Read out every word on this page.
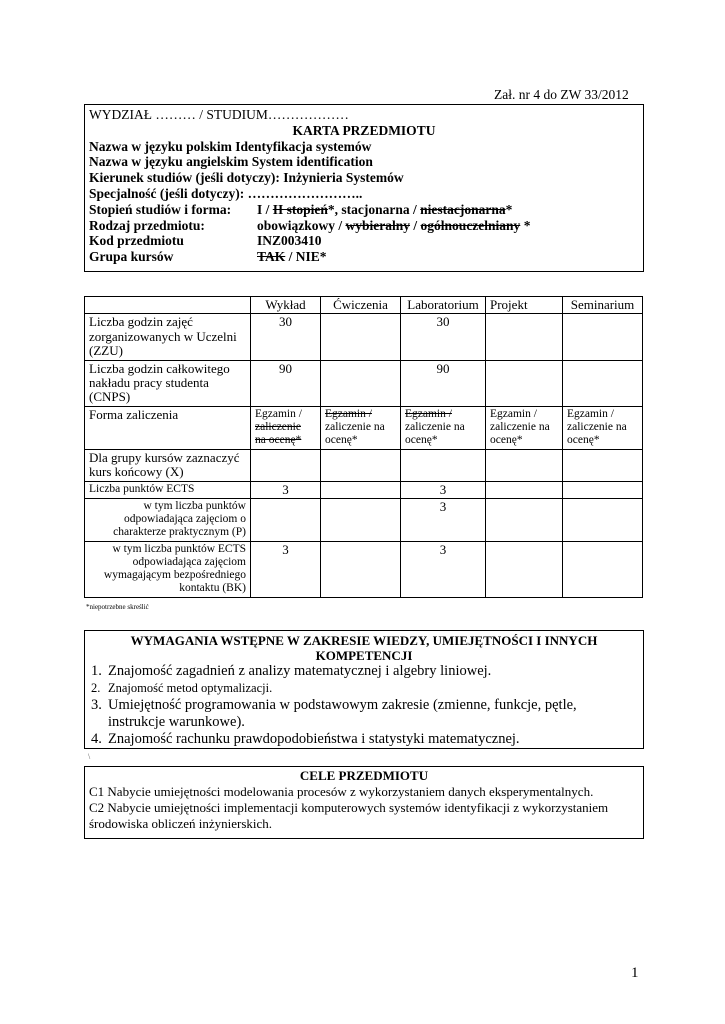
Zał. nr 4 do ZW 33/2012
WYDZIAŁ ……… / STUDIUM………………
KARTA PRZEDMIOTU
Nazwa w języku polskim Identyfikacja systemów
Nazwa w języku angielskim System identification
Kierunek studiów (jeśli dotyczy): Inżynieria Systemów
Specjalność (jeśli dotyczy): ……………………..
Stopień studiów i forma: I / II stopień*, stacjonarna / niestacjonarna*
Rodzaj przedmiotu:	obowiązkowy / wybieralny / ogólnouczelniany *
Kod przedmiotu	INZ003410
Grupa kursów	TAK / NIE*
	Wykład	Ćwiczenia	Laboratorium	Projekt	Seminarium
Liczba godzin zajęć zorganizowanych w Uczelni (ZZU)	30		30		
Liczba godzin całkowitego nakładu pracy studenta (CNPS)	90		90		
Forma zaliczenia	Egzamin /
zaliczenie
na ocenę*	Egzamin /
zaliczenie na
ocenę*	Egzamin /
zaliczenie na
ocenę*	Egzamin /
zaliczenie na
ocenę*	Egzamin /
zaliczenie na
ocenę*
Dla grupy kursów zaznaczyć kurs końcowy (X)					
Liczba punktów ECTS	3		3		
w tym liczba punktów odpowiadająca zajęciom o charakterze praktycznym (P)			3		
w tym liczba punktów ECTS odpowiadająca zajęciom wymagającym bezpośredniego kontaktu (BK)	3		3		
*niepotrzebne skreślić
WYMAGANIA WSTĘPNE W ZAKRESIE WIEDZY, UMIEJĘTNOŚCI I INNYCH
KOMPETENCJI
1. Znajomość zagadnień z analizy matematycznej i algebry liniowej.
2. Znajomość metod optymalizacji.
3. Umiejętność programowania w podstawowym zakresie (zmienne, funkcje, pętle, instrukcje warunkowe).
4. Znajomość rachunku prawdopodobieństwa i statystyki matematycznej.
\
CELE PRZEDMIOTU
C1 Nabycie umiejętności modelowania procesów z wykorzystaniem danych eksperymentalnych.
C2 Nabycie umiejętności implementacji komputerowych systemów identyfikacji z wykorzystaniem środowiska obliczeń inżynierskich.
1
